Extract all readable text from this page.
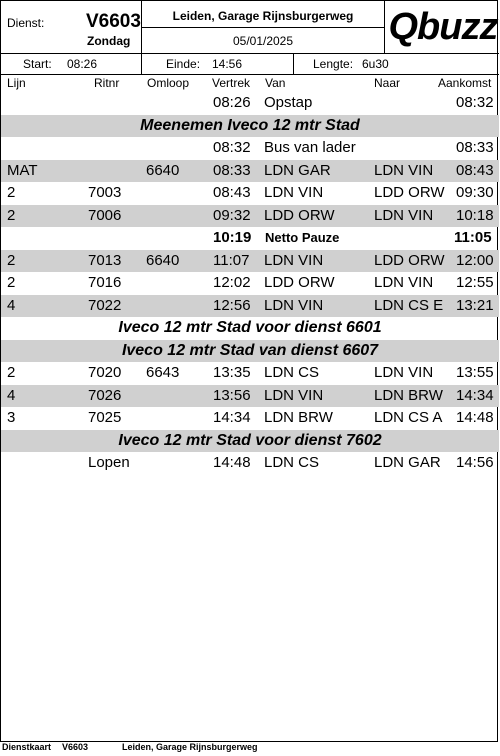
Dienst: V6603
Zondag
Leiden, Garage Rijnsburgerweg
05/01/2025	Qbuzz
Start: 08:26	Einde: 14:56	Lengte: 6u30
Lijn	Ritnr Omloop Vertrek Van	Naar	Aankomst
08:26 Opstap	08:32
Meenemen Iveco 12 mtr Stad
08:32 Bus van lader	08:33
MAT	6640 08:33 LDN GAR	LDN VIN 08:43
2	7003	08:43 LDN VIN	LDD ORW 09:30
2	7006	09:32 LDD ORW	LDN VIN 10:18
10:19 Netto Pauze	11:05
2	7013 6640 11:07 LDN VIN	LDD ORW 12:00
2	7016	12:02 LDD ORW	LDN VIN 12:55
4	7022	12:56 LDN VIN	LDN CS E 13:21
Iveco 12 mtr Stad voor dienst 6601
Iveco 12 mtr Stad van dienst 6607
2	7020 6643 13:35 LDN CS	LDN VIN 13:55
4	7026	13:56 LDN VIN	LDN BRW 14:34
3	7025	14:34 LDN BRW	LDN CS A 14:48
Iveco 12 mtr Stad voor dienst 7602
Lopen	14:48 LDN CS	LDN GAR 14:56
Dienstkaart V6603	Leiden, Garage Rijnsburgerweg
